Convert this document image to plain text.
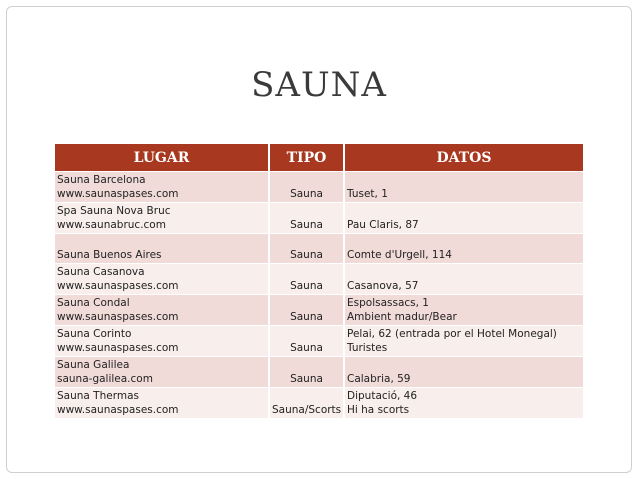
SAUNA
LUGAR	TIPO	DATOS

Sauna Barcelona
www.saunaspases.com	Sauna	Tuset, 1

Spa Sauna Nova Bruc
www.saunabruc.com	Sauna	Pau Claris, 87

Sauna Buenos Aires	Sauna	Comte d'Urgell, 114

Sauna Casanova
www.saunaspases.com	Sauna	Casanova, 57

Sauna Condal
www.saunaspases.com	Sauna	Espolsassacs, 1
Ambient madur/Bear

Sauna Corinto
www.saunaspases.com	Sauna	Pelai, 62 (entrada por el Hotel Monegal)
Turistes

Sauna Galilea
sauna-galilea.com	Sauna	Calabria, 59

Sauna Thermas
www.saunaspases.com	Sauna/Scorts	Diputació, 46
Hi ha scorts
